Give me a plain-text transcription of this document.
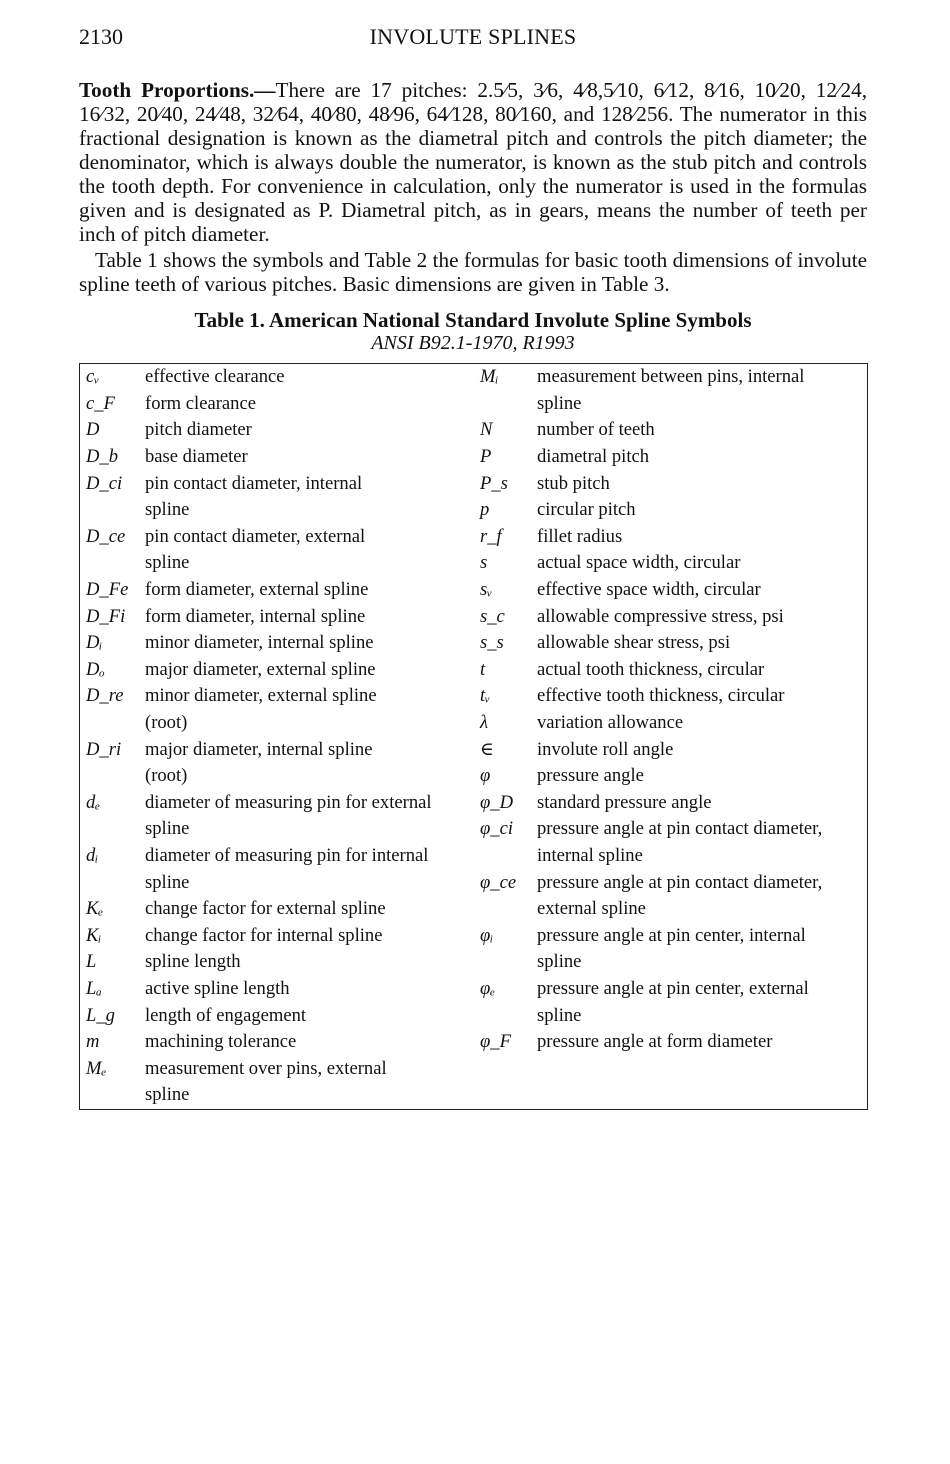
2130	INVOLUTE SPLINES

Tooth Proportions.—There are 17 pitches: 2.5⁄5, 3⁄6, 4⁄8,5⁄10, 6⁄12, 8⁄16, 10⁄20, 12⁄24, 16⁄32, 20⁄40, 24⁄48, 32⁄64, 40⁄80, 48⁄96, 64⁄128, 80⁄160, and 128⁄256. The numerator in this fractional designation is known as the diametral pitch and controls the pitch diameter; the denominator, which is always double the numerator, is known as the stub pitch and controls the tooth depth. For convenience in calculation, only the numerator is used in the formulas given and is designated as P. Diametral pitch, as in gears, means the number of teeth per inch of pitch diameter.

Table 1 shows the symbols and Table 2 the formulas for basic tooth dimensions of involute spline teeth of various pitches. Basic dimensions are given in Table 3.

Table 1. American National Standard Involute Spline Symbols
ANSI B92.1-1970, R1993
cᵥ	effective clearance	Mᵢ	measurement between pins, internal
c_F	form clearance		spline
D	pitch diameter	N	number of teeth
D_b	base diameter	P	diametral pitch
D_ci	pin contact diameter, internal	P_s	stub pitch
	spline	p	circular pitch
D_ce	pin contact diameter, external	r_f	fillet radius
	spline	s	actual space width, circular
D_Fe	form diameter, external spline	sᵥ	effective space width, circular
D_Fi	form diameter, internal spline	s_c	allowable compressive stress, psi
Dᵢ	minor diameter, internal spline	s_s	allowable shear stress, psi
Dₒ	major diameter, external spline	t	actual tooth thickness, circular
D_re	minor diameter, external spline	tᵥ	effective tooth thickness, circular
	(root)	λ	variation allowance
D_ri	major diameter, internal spline	∈	involute roll angle
	(root)	φ	pressure angle
dₑ	diameter of measuring pin for external	φ_D	standard pressure angle
	spline	φ_ci	pressure angle at pin contact diameter,
dᵢ	diameter of measuring pin for internal		internal spline
	spline	φ_ce	pressure angle at pin contact diameter,
Kₑ	change factor for external spline		external spline
Kᵢ	change factor for internal spline	φᵢ	pressure angle at pin center, internal
L	spline length		spline
Lₐ	active spline length	φₑ	pressure angle at pin center, external
L_g	length of engagement		spline
m	machining tolerance	φ_F	pressure angle at form diameter
Mₑ	measurement over pins, external		
	spline		
